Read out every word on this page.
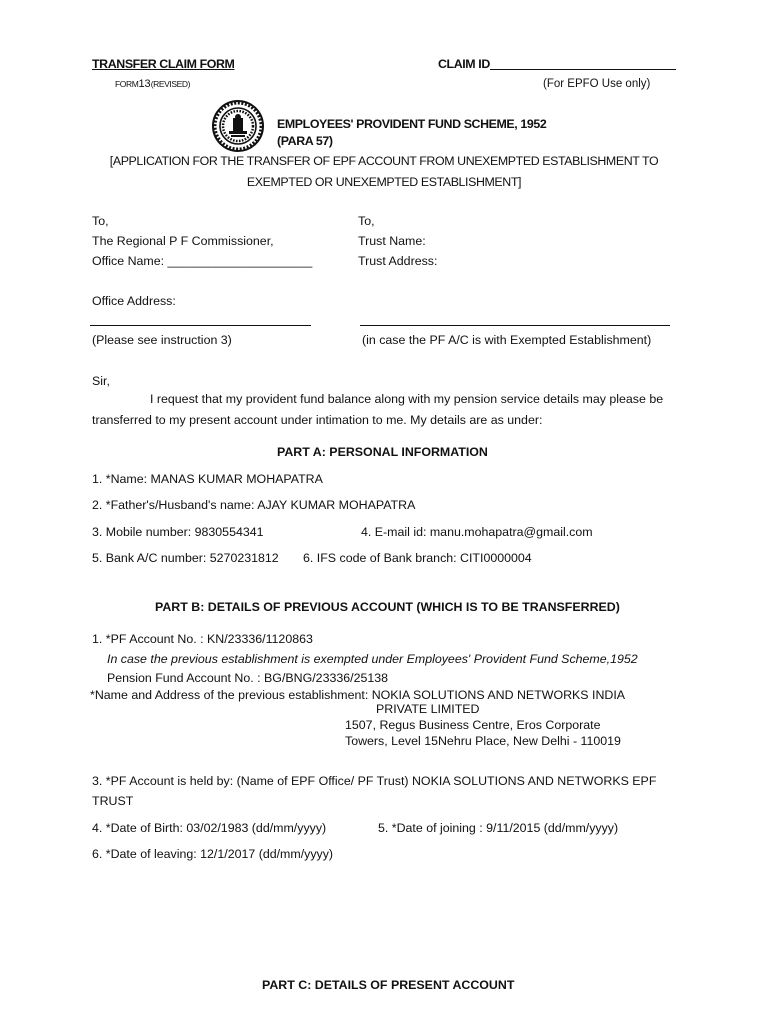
TRANSFER CLAIM FORM
FORM13(REVISED)
CLAIM ID
(For EPFO Use only)
EMPLOYEES' PROVIDENT FUND SCHEME, 1952
(PARA 57)
[APPLICATION FOR THE TRANSFER OF EPF ACCOUNT FROM UNEXEMPTED ESTABLISHMENT TO
EXEMPTED OR UNEXEMPTED ESTABLISHMENT]
To,
The Regional P F Commissioner,
Office Name: _____________________
Office Address:
(Please see instruction 3)
To,
Trust Name:
Trust Address:
(in case the PF A/C is with Exempted Establishment)
Sir,
I request that my provident fund balance along with my pension service details may please be
transferred to my present account under intimation to me. My details are as under:
PART A: PERSONAL INFORMATION
1. *Name: MANAS KUMAR MOHAPATRA
2. *Father's/Husband's name: AJAY KUMAR MOHAPATRA
3. Mobile number: 9830554341	4. E-mail id: manu.mohapatra@gmail.com
5. Bank A/C number: 5270231812 6. IFS code of Bank branch: CITI0000004
PART B: DETAILS OF PREVIOUS ACCOUNT (WHICH IS TO BE TRANSFERRED)
1. *PF Account No. : KN/23336/1120863
In case the previous establishment is exempted under Employees' Provident Fund Scheme,1952
Pension Fund Account No. : BG/BNG/23336/25138
*Name and Address of the previous establishment: NOKIA SOLUTIONS AND NETWORKS INDIA
PRIVATE LIMITED
1507, Regus Business Centre, Eros Corporate
Towers, Level 15Nehru Place, New Delhi - 110019
3. *PF Account is held by: (Name of EPF Office/ PF Trust) NOKIA SOLUTIONS AND NETWORKS EPF
TRUST
4. *Date of Birth: 03/02/1983 (dd/mm/yyyy)	5. *Date of joining : 9/11/2015 (dd/mm/yyyy)
6. *Date of leaving: 12/1/2017 (dd/mm/yyyy)
PART C: DETAILS OF PRESENT ACCOUNT
